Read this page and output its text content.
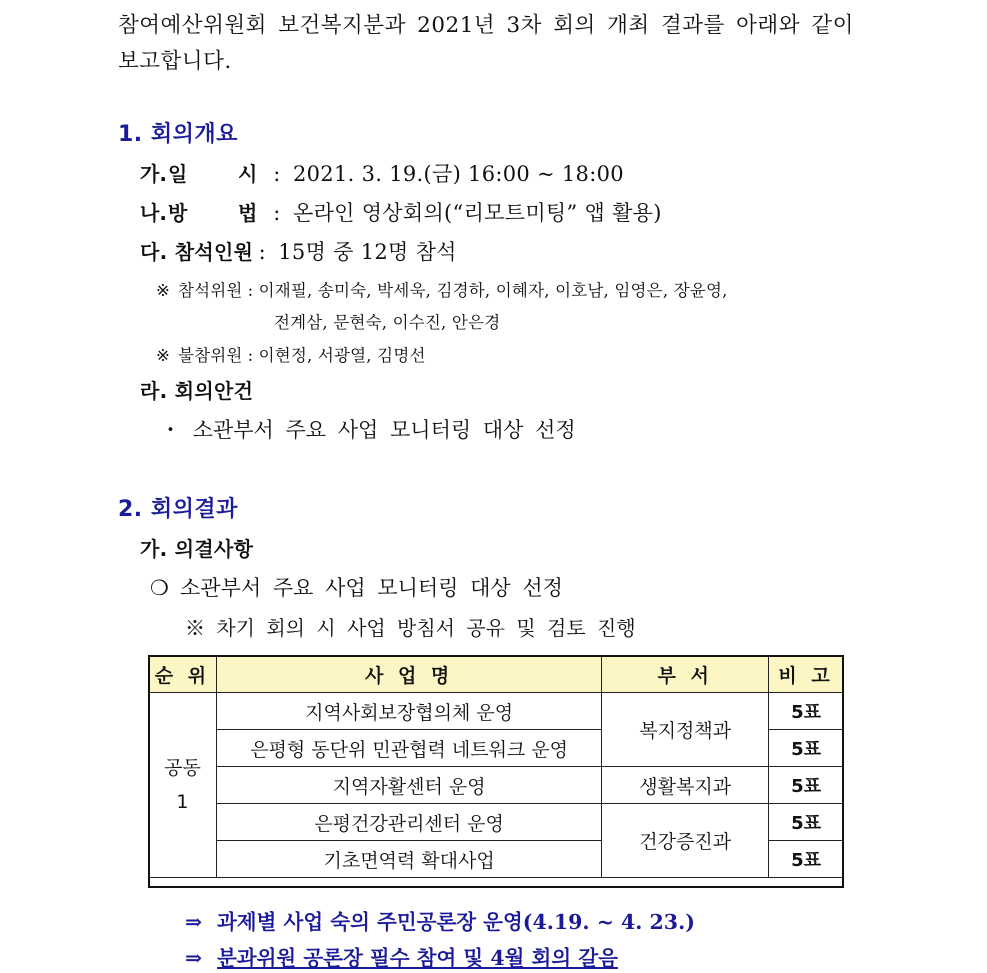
참여예산위원회 보건복지분과 2021년 3차 회의 개최 결과를 아래와 같이
보고합니다.
1. 회의개요
가.일	시 : 2021. 3. 19.(금) 16:00 ~ 18:00
나.방	법 : 온라인 영상회의(“리모트미팅” 앱 활용)
다. 참석인원 : 15명 중 12명 참석
※ 참석위원 : 이재필, 송미숙, 박세욱, 김경하, 이혜자, 이호남, 임영은, 장윤영,
전계삼, 문현숙, 이수진, 안은경
※ 불참위원 : 이현정, 서광열, 김명선
라. 회의안건
・ 소관부서 주요 사업 모니터링 대상 선정
2. 회의결과
가. 의결사항
❍ 소관부서 주요 사업 모니터링 대상 선정
※ 차기 회의 시 사업 방침서 공유 및 검토 진행
순 위	사 업 명	부 서	비 고

공동
1	지역사회보장협의체 운영	복지정책과	5표
	은평형 동단위 민관협력 네트워크 운영		5표
	지역자활센터 운영	생활복지과	5표
	은평건강관리센터 운영	건강증진과	5표
	기초면역력 확대사업		5표
⇒ 과제별 사업 숙의 주민공론장 운영(4.19. ~ 4. 23.)
⇒ 분과위원 공론장 필수 참여 및 4월 회의 갈음
